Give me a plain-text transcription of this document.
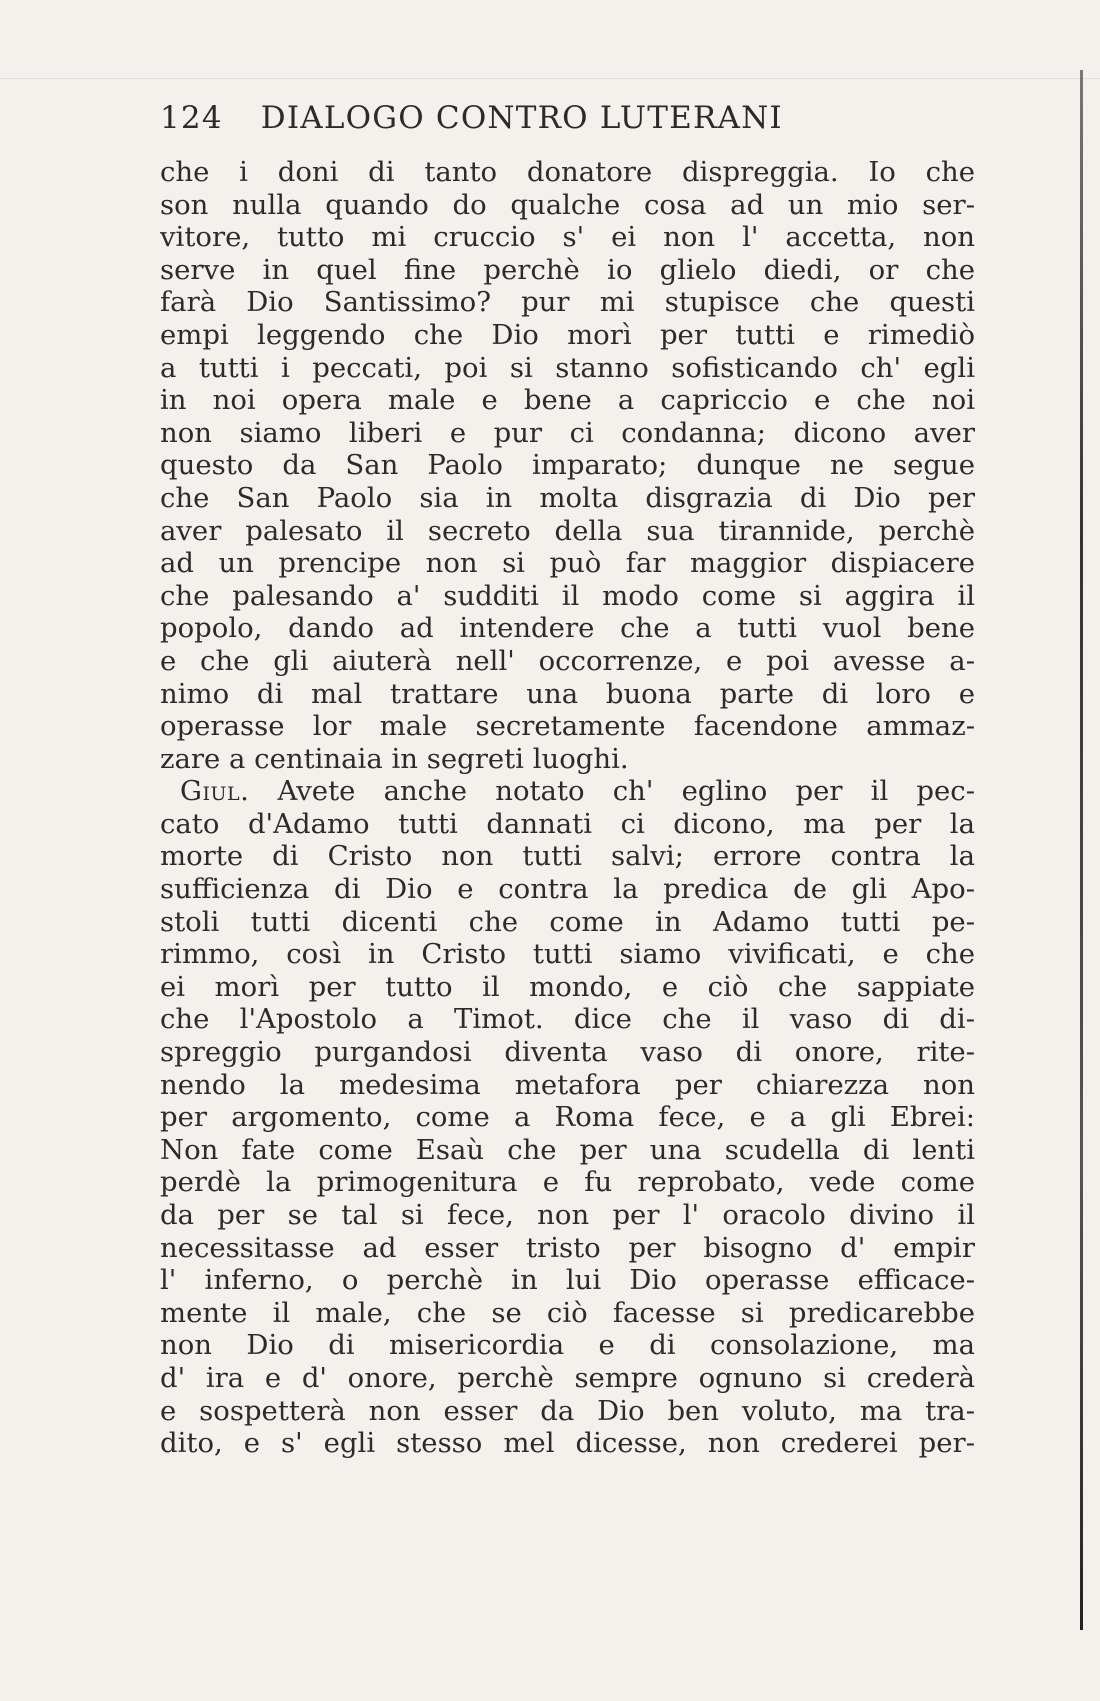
124 DIALOGO CONTRO LUTERANI
che i doni di tanto donatore dispreggia. Io che
son nulla quando do qualche cosa ad un mio ser-
vitore, tutto mi cruccio s' ei non l' accetta, non
serve in quel fine perchè io glielo diedi, or che
farà Dio Santissimo? pur mi stupisce che questi
empi leggendo che Dio morì per tutti e rimediò
a tutti i peccati, poi si stanno sofisticando ch' egli
in noi opera male e bene a capriccio e che noi
non siamo liberi e pur ci condanna; dicono aver
questo da San Paolo imparato; dunque ne segue
che San Paolo sia in molta disgrazia di Dio per
aver palesato il secreto della sua tirannide, perchè
ad un prencipe non si può far maggior dispiacere
che palesando a' sudditi il modo come si aggira il
popolo, dando ad intendere che a tutti vuol bene
e che gli aiuterà nell' occorrenze, e poi avesse a-
nimo di mal trattare una buona parte di loro e
operasse lor male secretamente facendone ammaz-
zare a centinaia in segreti luoghi.
Giul. Avete anche notato ch' eglino per il pec-
cato d'Adamo tutti dannati ci dicono, ma per la
morte di Cristo non tutti salvi; errore contra la
sufficienza di Dio e contra la predica de gli Apo-
stoli tutti dicenti che come in Adamo tutti pe-
rimmo, così in Cristo tutti siamo vivificati, e che
ei morì per tutto il mondo, e ciò che sappiate
che l'Apostolo a Timot. dice che il vaso di di-
spreggio purgandosi diventa vaso di onore, rite-
nendo la medesima metafora per chiarezza non
per argomento, come a Roma fece, e a gli Ebrei:
Non fate come Esaù che per una scudella di lenti
perdè la primogenitura e fu reprobato, vede come
da per se tal si fece, non per l' oracolo divino il
necessitasse ad esser tristo per bisogno d' empir
l' inferno, o perchè in lui Dio operasse efficace-
mente il male, che se ciò facesse si predicarebbe
non Dio di misericordia e di consolazione, ma
d' ira e d' onore, perchè sempre ognuno si crederà
e sospetterà non esser da Dio ben voluto, ma tra-
dito, e s' egli stesso mel dicesse, non crederei per-
